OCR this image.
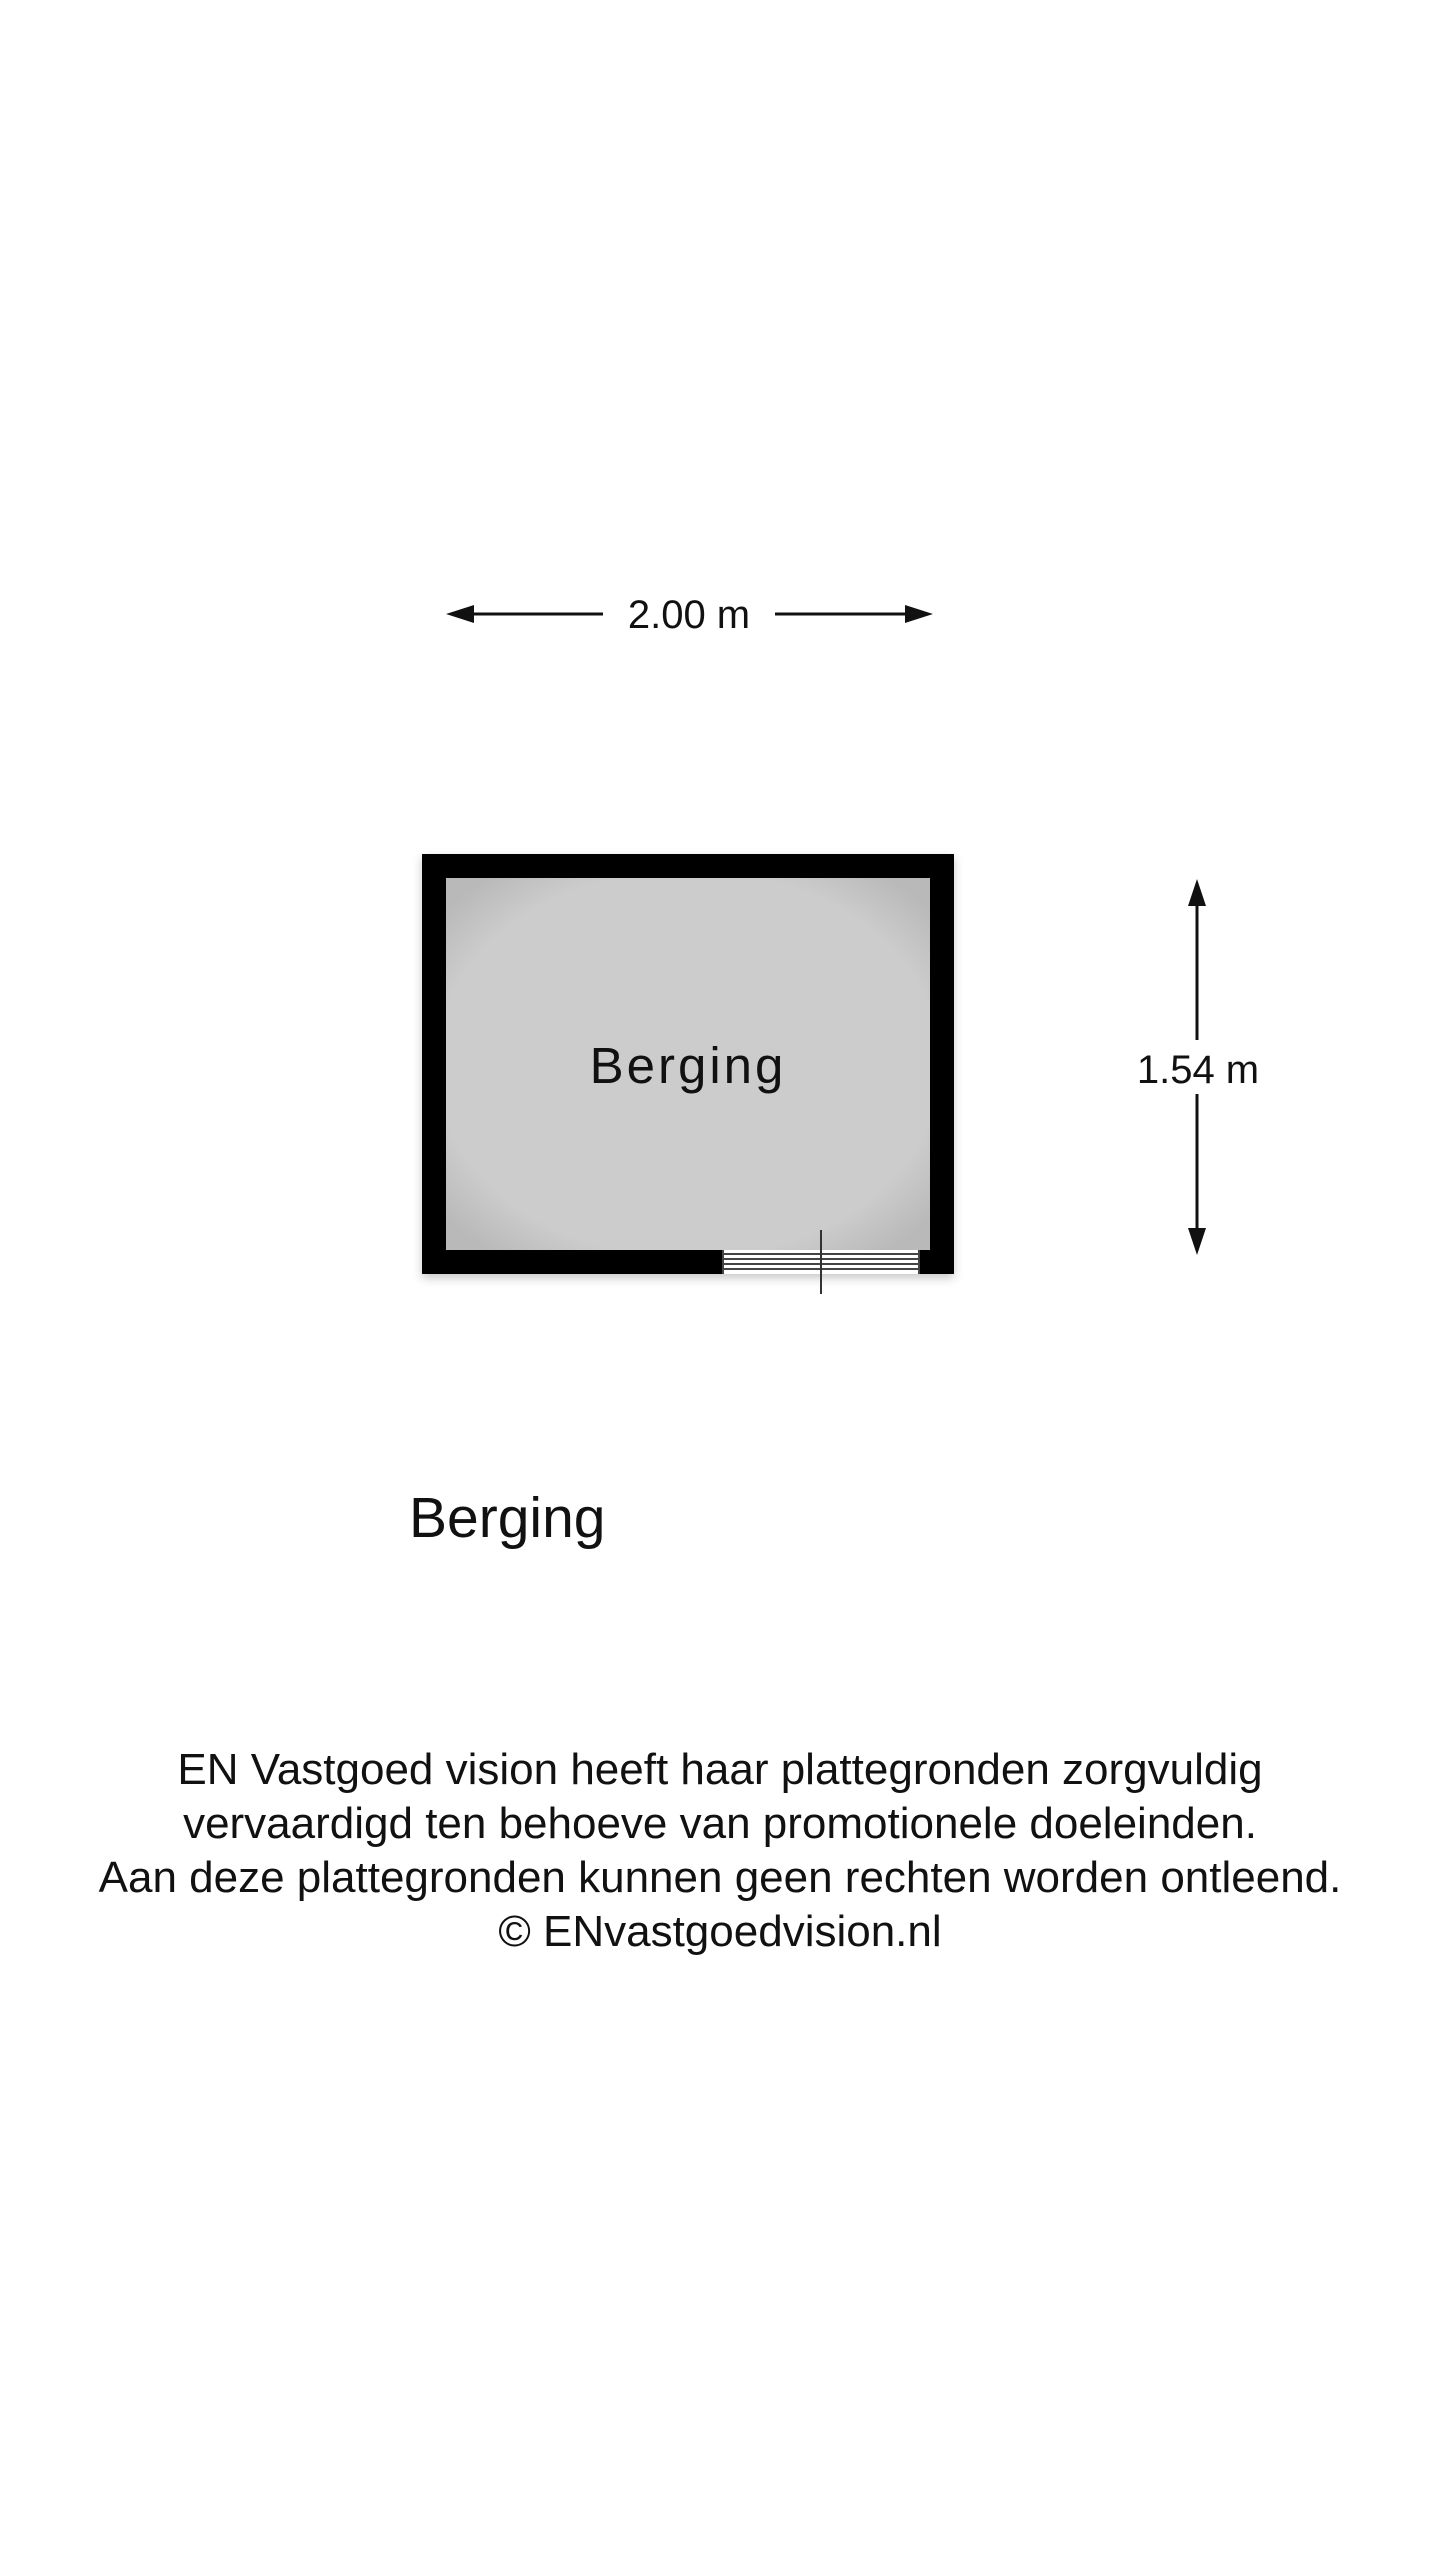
2.00 m
Berging	1.54 m
Berging
EN Vastgoed vision heeft haar plattegronden zorgvuldig
vervaardigd ten behoeve van promotionele doeleinden.
Aan deze plattegronden kunnen geen rechten worden ontleend.
© ENvastgoedvision.nl
